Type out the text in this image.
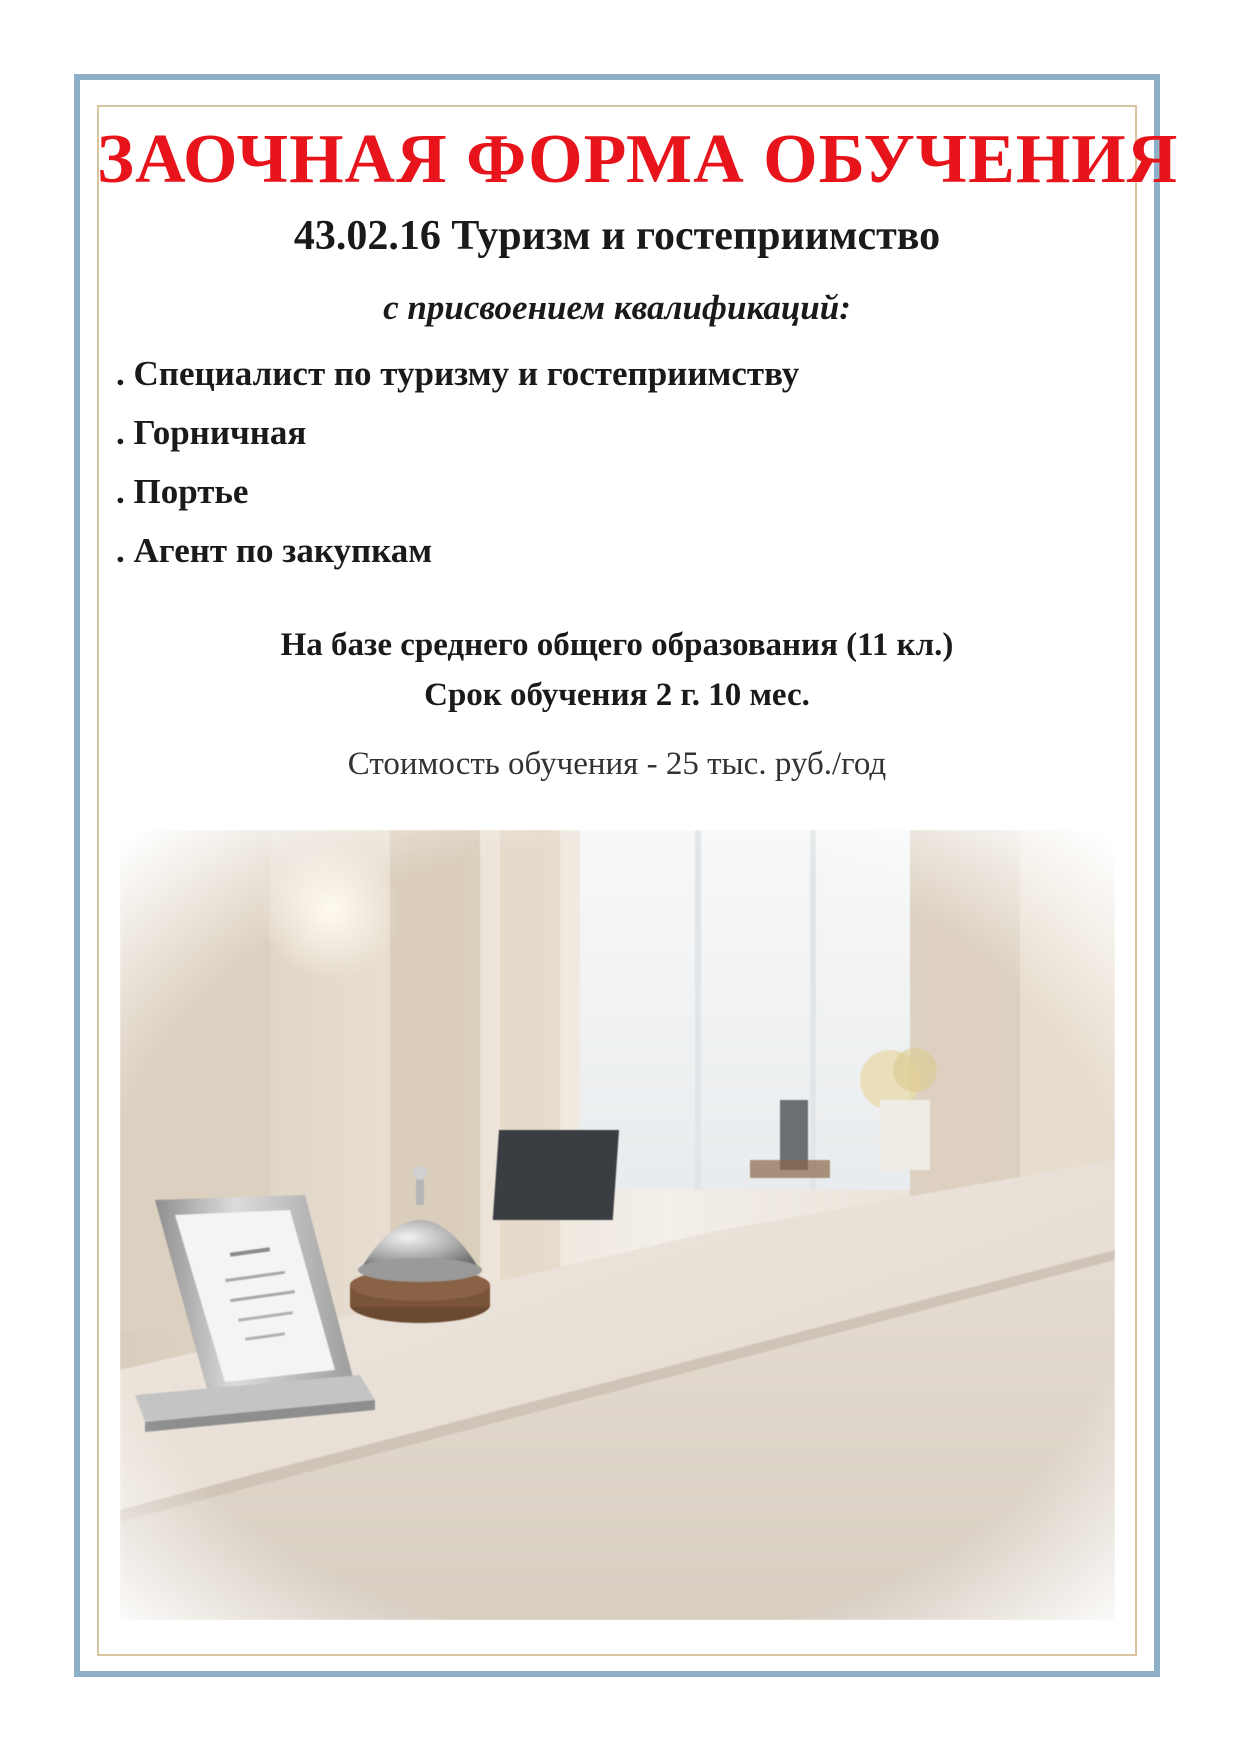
ЗАОЧНАЯ ФОРМА ОБУЧЕНИЯ
43.02.16 Туризм и гостеприимство
с присвоением квалификаций:
. Специалист по туризму и гостеприимству
. Горничная
. Портье
. Агент по закупкам
На базе среднего общего образования (11 кл.)
Срок обучения 2 г. 10 мес.
Стоимость обучения - 25 тыс. руб./год
